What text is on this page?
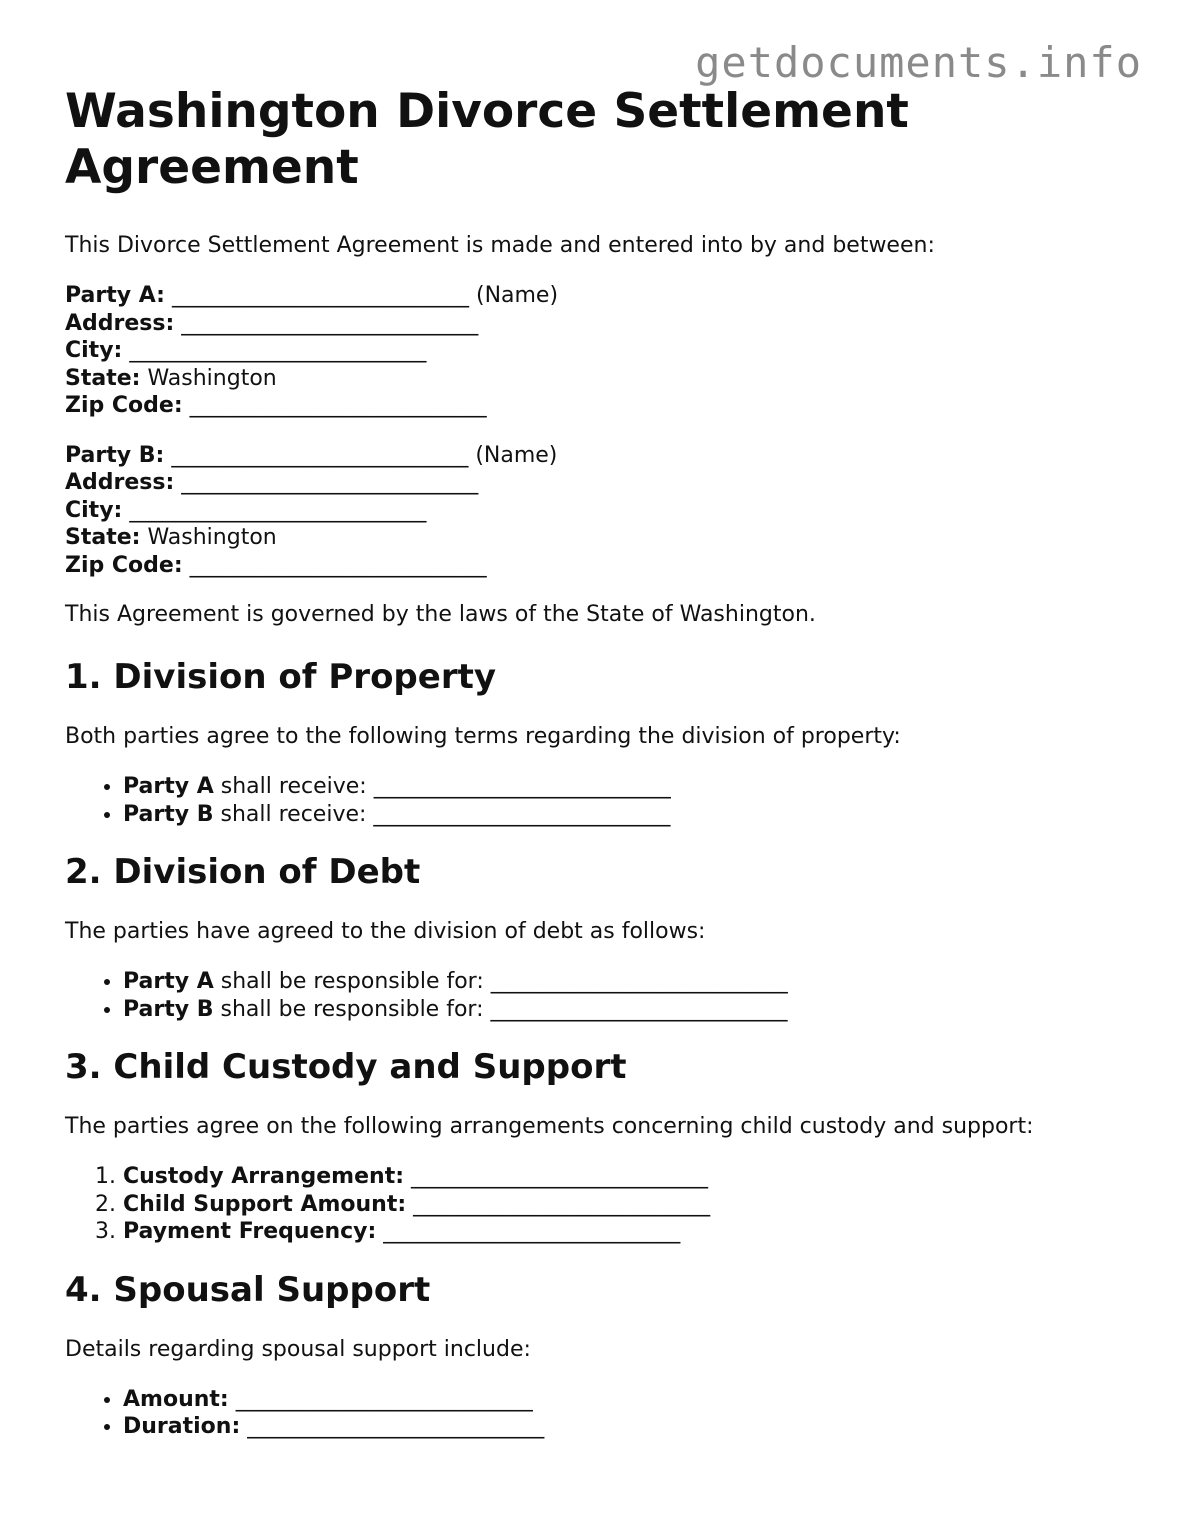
getdocuments.info
Washington Divorce Settlement Agreement

This Divorce Settlement Agreement is made and entered into by and between:

Party A: ___________________________ (Name)
Address: ___________________________
City: ___________________________
State: Washington
Zip Code: ___________________________
Party B: ___________________________ (Name)
Address: ___________________________
City: ___________________________
State: Washington
Zip Code: ___________________________

This Agreement is governed by the laws of the State of Washington.

1. Division of Property

Both parties agree to the following terms regarding the division of property:

• Party A shall receive: ___________________________
• Party B shall receive: ___________________________
2. Division of Debt

The parties have agreed to the division of debt as follows:

• Party A shall be responsible for: ___________________________
• Party B shall be responsible for: ___________________________
3. Child Custody and Support

The parties agree on the following arrangements concerning child custody and support:

1. Custody Arrangement: ___________________________
2. Child Support Amount: ___________________________
3. Payment Frequency: ___________________________
4. Spousal Support

Details regarding spousal support include:

• Amount: ___________________________
• Duration: ___________________________
